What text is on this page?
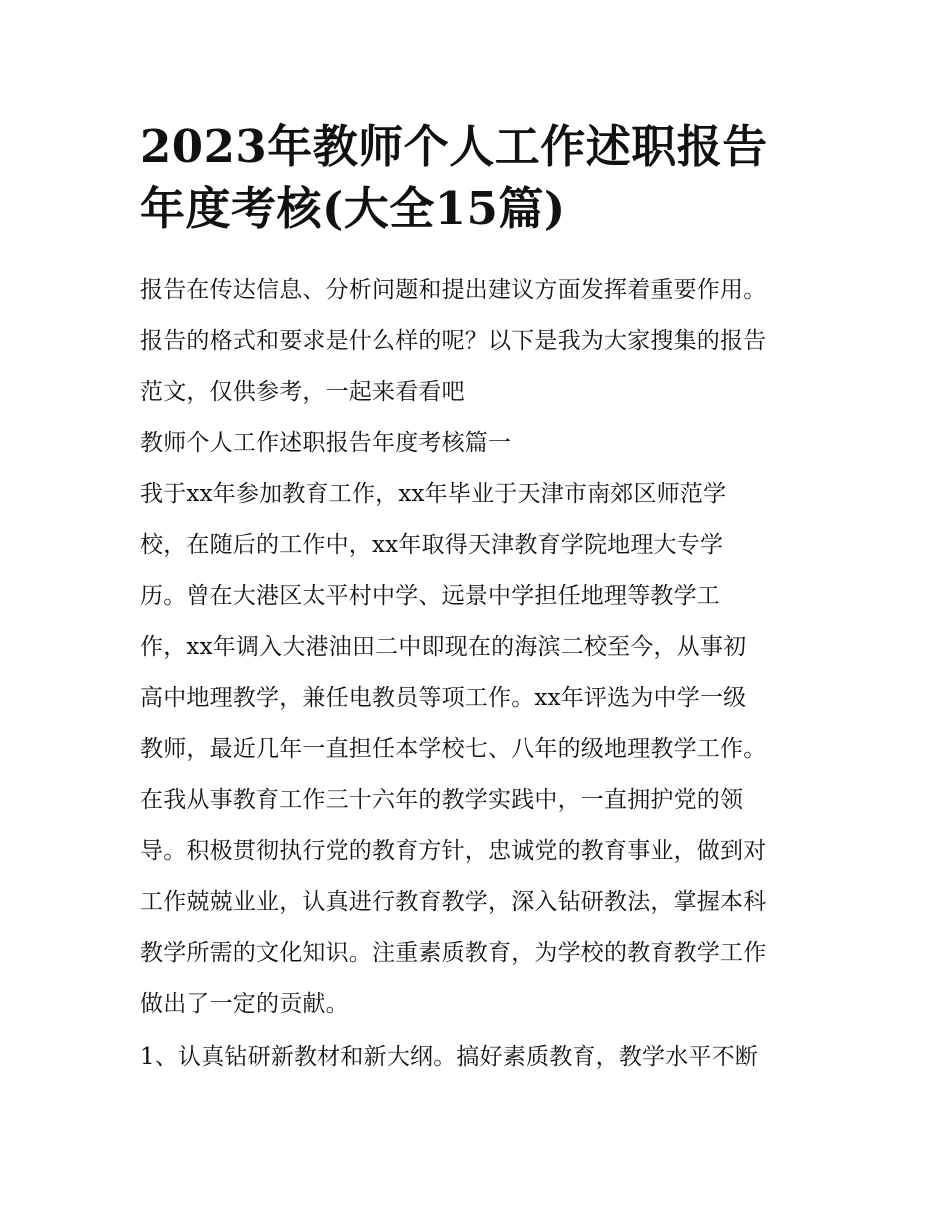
2023年教师个人工作述职报告
年度考核(大全15篇)
报告在传达信息、分析问题和提出建议方面发挥着重要作用。
报告的格式和要求是什么样的呢？以下是我为大家搜集的报告
范文，仅供参考，一起来看看吧
教师个人工作述职报告年度考核篇一
我于xx年参加教育工作，xx年毕业于天津市南郊区师范学
校，在随后的工作中，xx年取得天津教育学院地理大专学
历。曾在大港区太平村中学、远景中学担任地理等教学工
作，xx年调入大港油田二中即现在的海滨二校至今，从事初
高中地理教学，兼任电教员等项工作。xx年评选为中学一级
教师，最近几年一直担任本学校七、八年的级地理教学工作。
在我从事教育工作三十六年的教学实践中，一直拥护党的领
导。积极贯彻执行党的教育方针，忠诚党的教育事业，做到对
工作兢兢业业，认真进行教育教学，深入钻研教法，掌握本科
教学所需的文化知识。注重素质教育，为学校的教育教学工作
做出了一定的贡献。
1、认真钻研新教材和新大纲。搞好素质教育，教学水平不断
